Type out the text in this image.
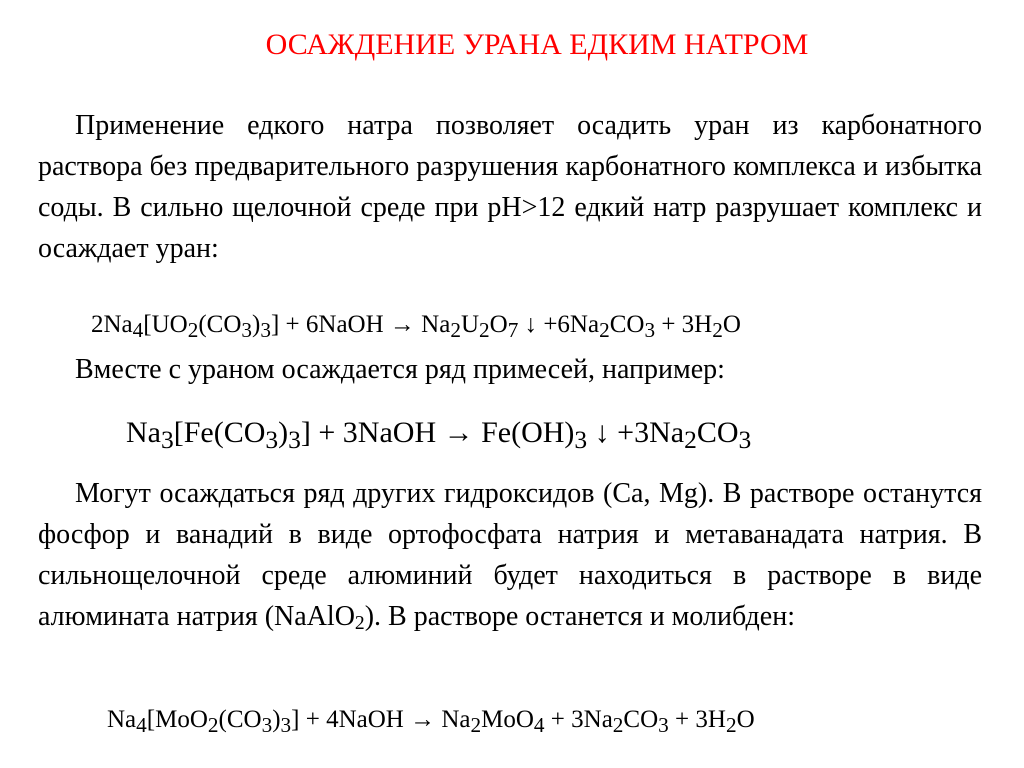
ОСАЖДЕНИЕ УРАНА ЕДКИМ НАТРОМ

Применение едкого натра позволяет осадить уран из карбонатного раствора без предварительного разрушения карбонатного комплекса и избытка соды. В сильно щелочной среде при pH>12 едкий натр разрушает комплекс и осаждает уран:

2Na4[UO2(CO3)3] + 6NaOH → Na2U2O7 ↓ +6Na2CO3 + 3H2O

Вместе с ураном осаждается ряд примесей, например:

Na3[Fe(CO3)3] + 3NaOH → Fe(OH)3 ↓ +3Na2CO3

Могут осаждаться ряд других гидроксидов (Ca, Mg). В растворе останутся фосфор и ванадий в виде ортофосфата натрия и метаванадата натрия. В сильнощелочной среде алюминий будет находиться в растворе в виде алюмината натрия (NaAlO$_2$). В растворе останется и молибден:

Na4[MoO2(CO3)3] + 4NaOH → Na2MoO4 + 3Na2CO3 + 3H2O
